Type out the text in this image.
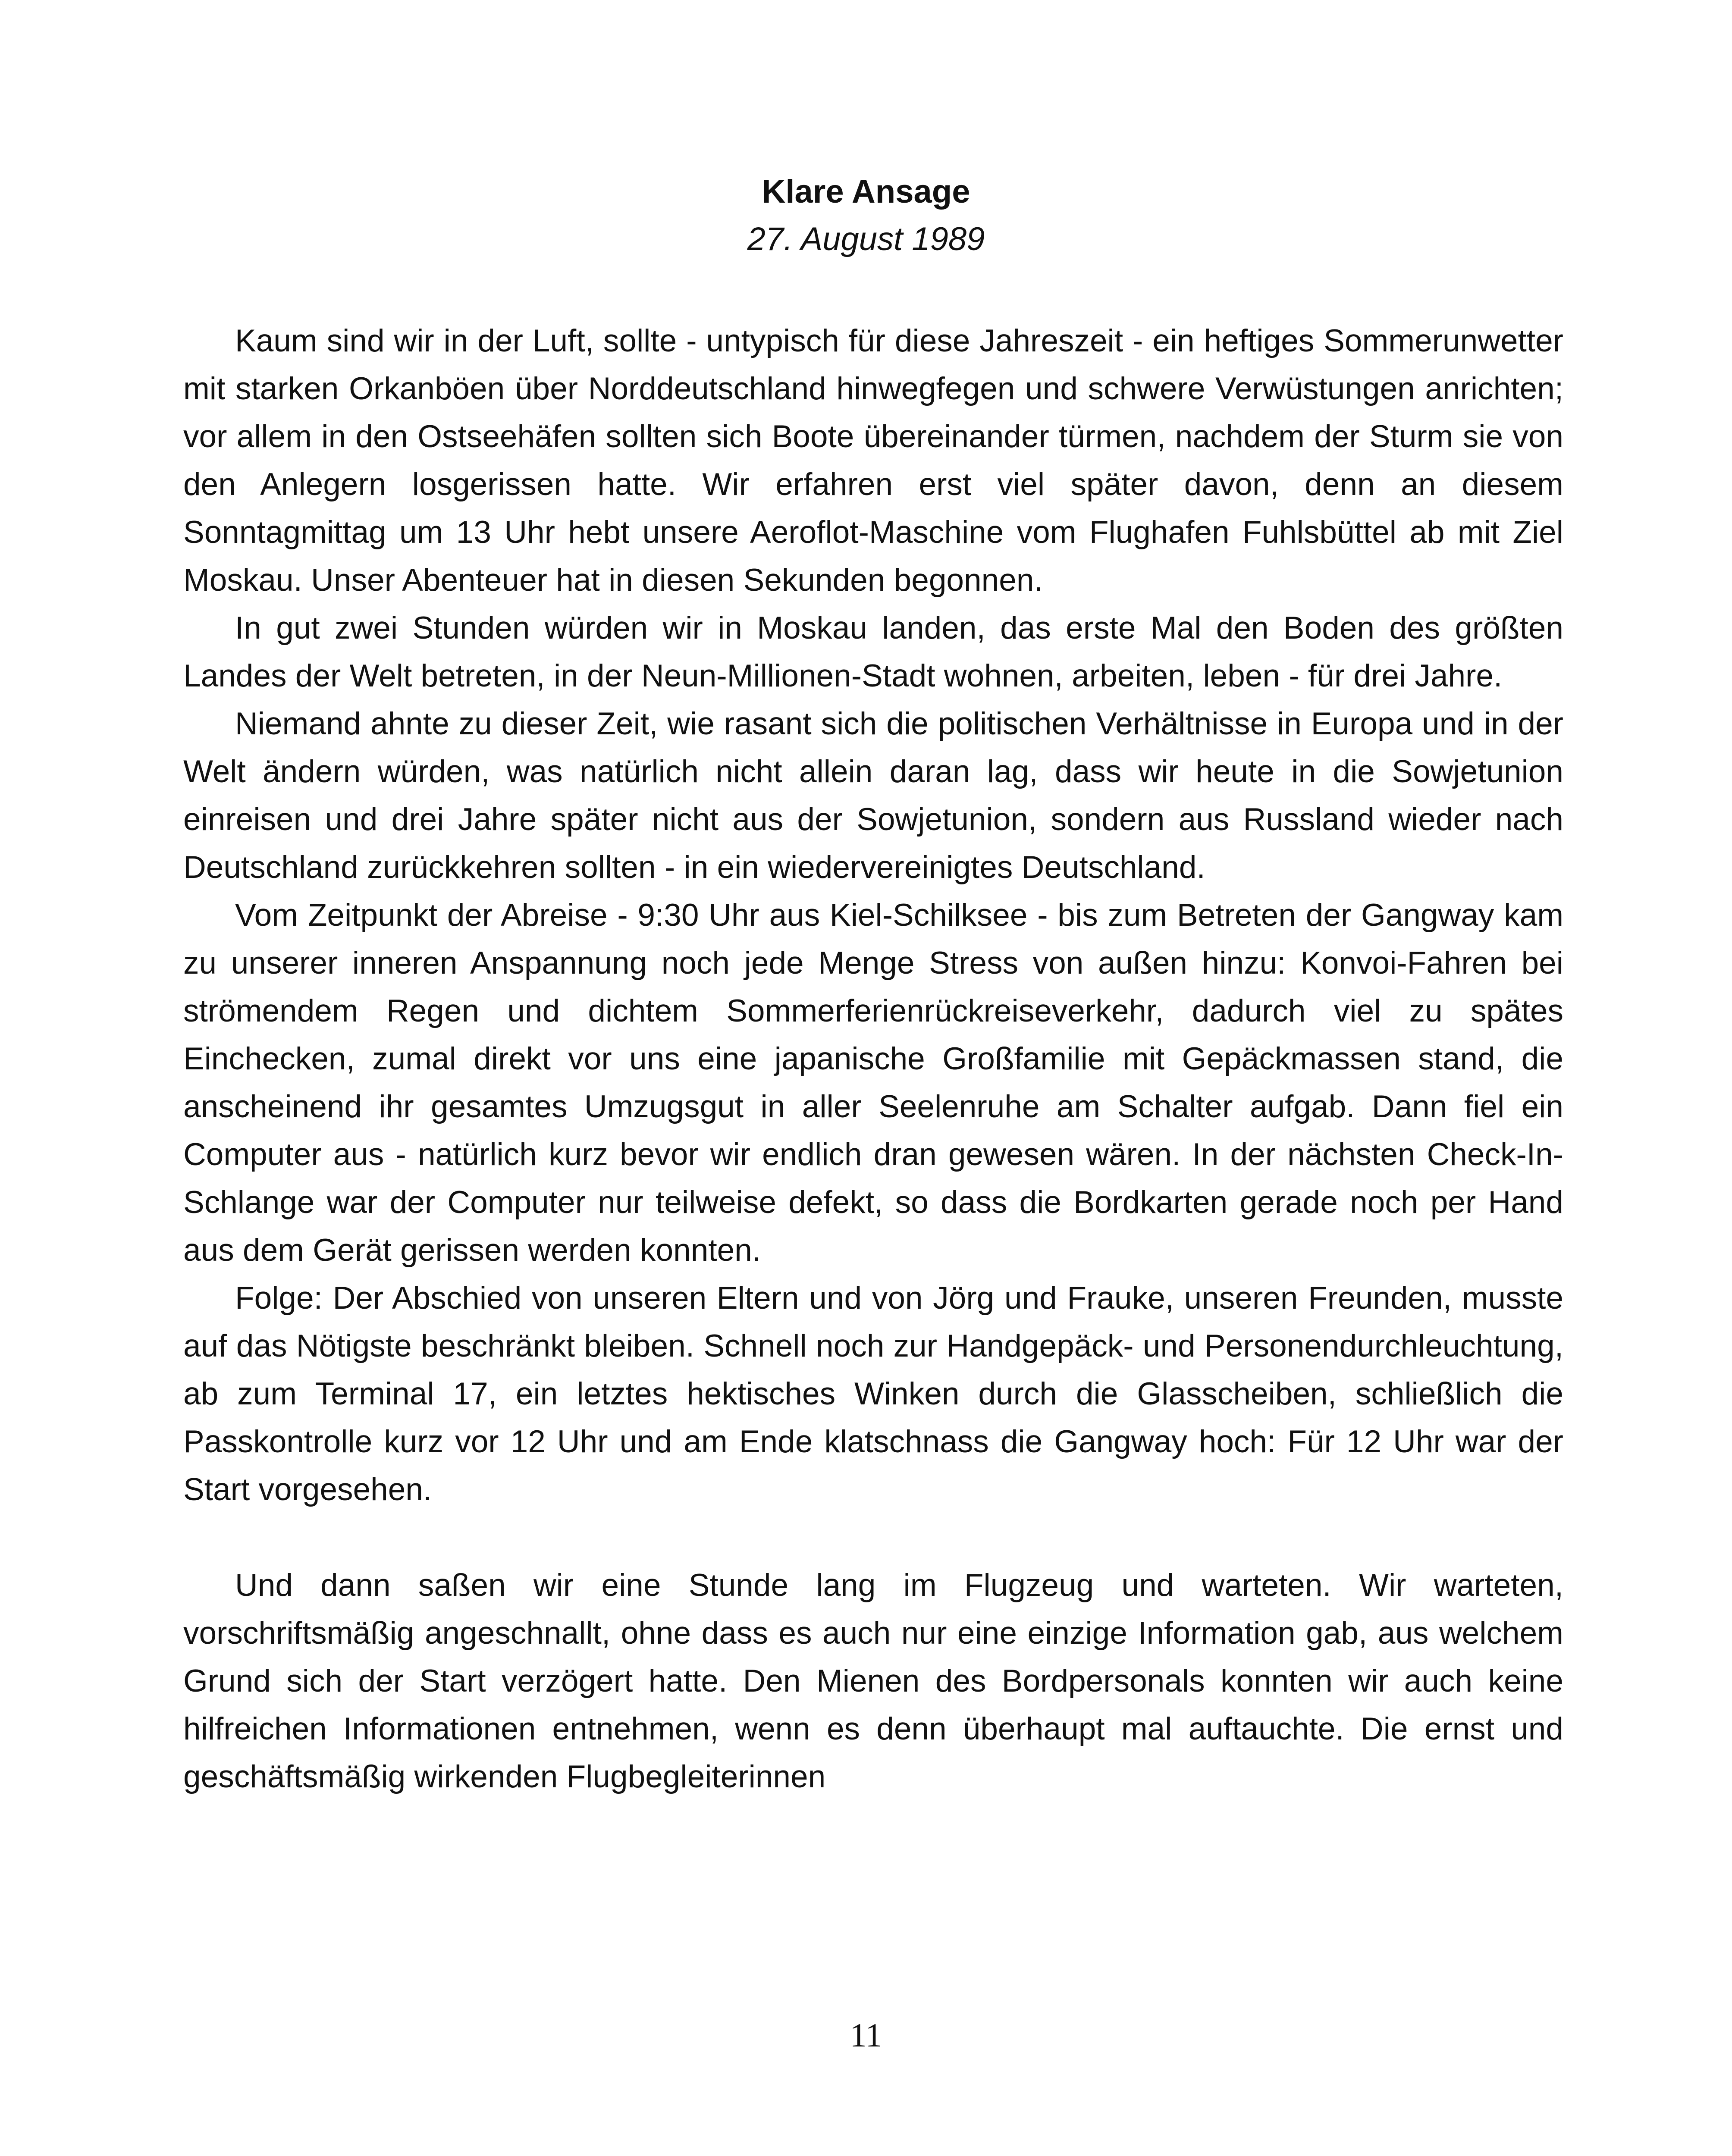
Klare Ansage

27. August 1989

Kaum sind wir in der Luft, sollte - untypisch für diese Jahreszeit - ein heftiges Sommerunwetter mit starken Orkanböen über Norddeutschland hinwegfegen und schwere Verwüstungen anrichten; vor allem in den Ostseehäfen sollten sich Boote übereinander türmen, nachdem der Sturm sie von den Anlegern losgerissen hatte. Wir erfahren erst viel später davon, denn an diesem Sonntagmittag um 13 Uhr hebt unsere Aeroflot-Maschine vom Flughafen Fuhlsbüttel ab mit Ziel Moskau. Unser Abenteuer hat in diesen Sekunden begonnen.

In gut zwei Stunden würden wir in Moskau landen, das erste Mal den Boden des größten Landes der Welt betreten, in der Neun-Millionen-Stadt wohnen, arbeiten, leben - für drei Jahre.

Niemand ahnte zu dieser Zeit, wie rasant sich die politischen Verhältnisse in Europa und in der Welt ändern würden, was natürlich nicht allein daran lag, dass wir heute in die Sowjetunion einreisen und drei Jahre später nicht aus der Sowjetunion, sondern aus Russland wieder nach Deutschland zurückkehren sollten - in ein wiedervereinigtes Deutschland.

Vom Zeitpunkt der Abreise - 9:30 Uhr aus Kiel-Schilksee - bis zum Betreten der Gangway kam zu unserer inneren Anspannung noch jede Menge Stress von außen hinzu: Konvoi-Fahren bei strömendem Regen und dichtem Sommerferienrückreiseverkehr, dadurch viel zu spätes Einchecken, zumal direkt vor uns eine japanische Großfamilie mit Gepäckmassen stand, die anscheinend ihr gesamtes Umzugsgut in aller Seelenruhe am Schalter aufgab. Dann fiel ein Computer aus - natürlich kurz bevor wir endlich dran gewesen wären. In der nächsten Check-In-Schlange war der Computer nur teilweise defekt, so dass die Bordkarten gerade noch per Hand aus dem Gerät gerissen werden konnten.

Folge: Der Abschied von unseren Eltern und von Jörg und Frauke, unseren Freunden, musste auf das Nötigste beschränkt bleiben. Schnell noch zur Handgepäck- und Personendurchleuchtung, ab zum Terminal 17, ein letztes hektisches Winken durch die Glasscheiben, schließlich die Passkontrolle kurz vor 12 Uhr und am Ende klatschnass die Gangway hoch: Für 12 Uhr war der Start vorgesehen.

Und dann saßen wir eine Stunde lang im Flugzeug und warteten. Wir warteten, vorschriftsmäßig angeschnallt, ohne dass es auch nur eine einzige Information gab, aus welchem Grund sich der Start verzögert hatte. Den Mienen des Bordpersonals konnten wir auch keine hilfreichen Informationen entnehmen, wenn es denn überhaupt mal auftauchte. Die ernst und geschäftsmäßig wirkenden Flugbegleiterinnen

11
